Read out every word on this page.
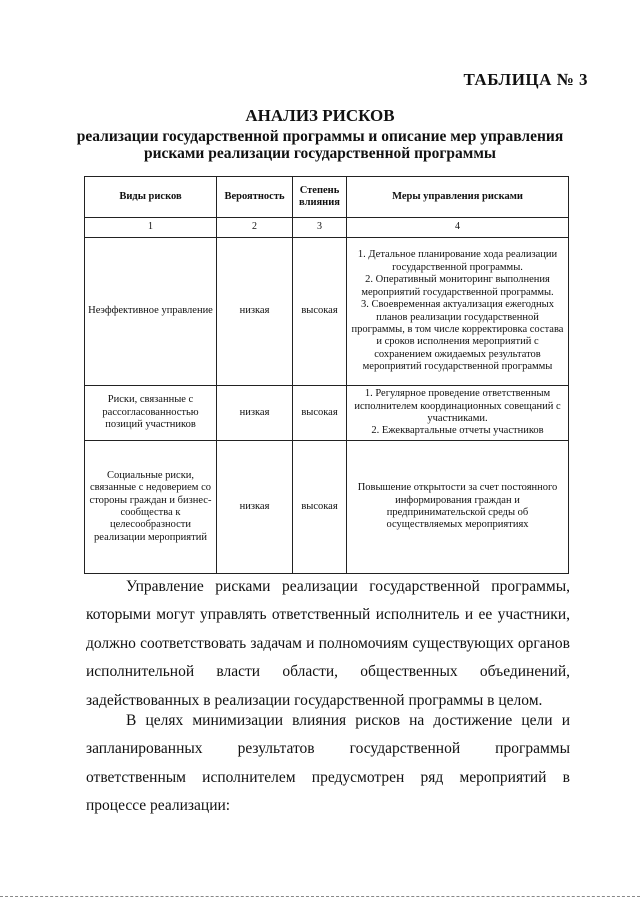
ТАБЛИЦА № 3
АНАЛИЗ РИСКОВ
реализации государственной программы и описание мер управления рисками реализации государственной программы
Виды рисков	Вероятность	Степень влияния	Меры управления рисками
1	2	3	4
Неэффективное управление	низкая	высокая	1. Детальное планирование хода реализации государственной программы.
2. Оперативный мониторинг выполнения мероприятий государственной программы.
3. Своевременная актуализация ежегодных планов реализации государственной программы, в том числе корректировка состава и сроков исполнения мероприятий с сохранением ожидаемых результатов мероприятий государственной программы
Риски, связанные с рассогласованностью позиций участников	низкая	высокая	1. Регулярное проведение ответственным исполнителем координационных совещаний с участниками.
2. Ежеквартальные отчеты участников
Социальные риски, связанные с недоверием со стороны граждан и бизнес-сообщества к целесообразности реализации мероприятий	низкая	высокая	Повышение открытости за счет постоянного информирования граждан и предпринимательской среды об осуществляемых мероприятиях
Управление рисками реализации государственной программы, которыми могут управлять ответственный исполнитель и ее участники, должно соответствовать задачам и полномочиям существующих органов исполнительной власти области, общественных объединений, задействованных в реализации государственной программы в целом.
В целях минимизации влияния рисков на достижение цели и запланированных результатов государственной программы ответственным исполнителем предусмотрен ряд мероприятий в процессе реализации:
